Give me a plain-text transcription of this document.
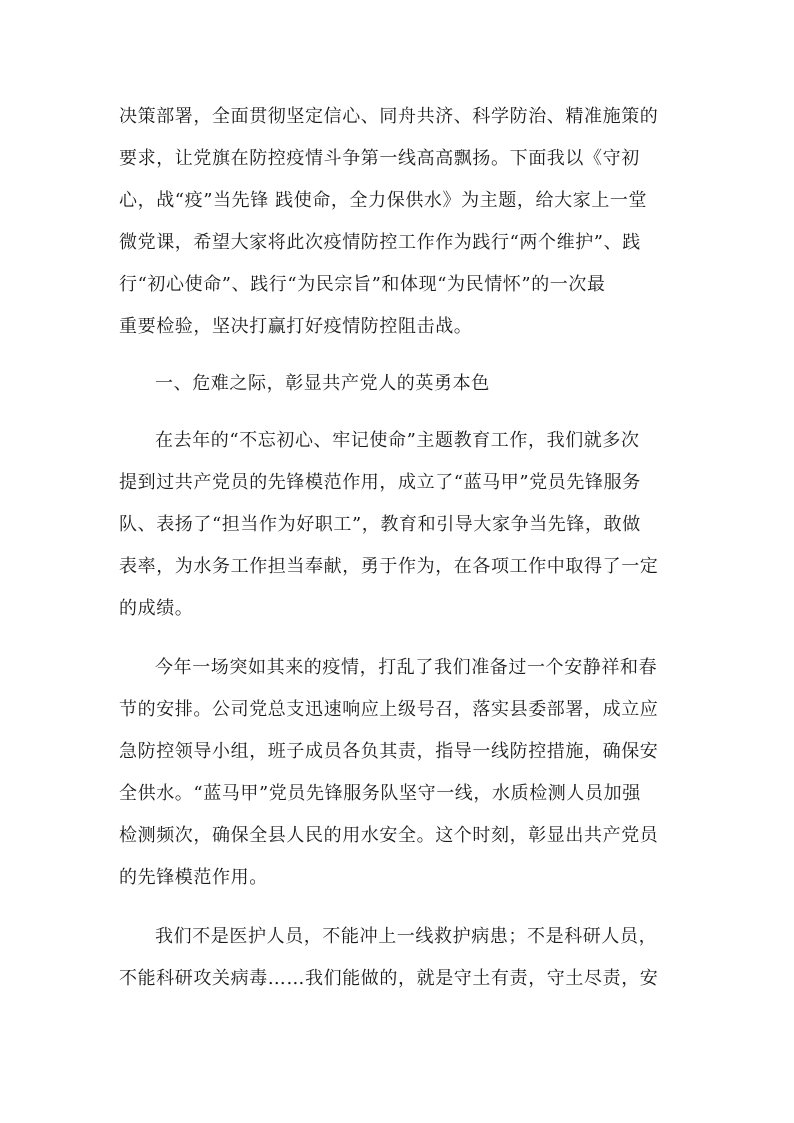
决策部署，全面贯彻坚定信心、同舟共济、科学防治、精准施策的

要求，让党旗在防控疫情斗争第一线高高飘扬。下面我以《守初

心，战“疫”当先锋 践使命，全力保供水》为主题，给大家上一堂

微党课，希望大家将此次疫情防控工作作为践行“两个维护”、践

行“初心使命”、践行“为民宗旨”和体现“为民情怀”的一次最

重要检验，坚决打赢打好疫情防控阻击战。

一、危难之际，彰显共产党人的英勇本色

在去年的“不忘初心、牢记使命”主题教育工作，我们就多次

提到过共产党员的先锋模范作用，成立了“蓝马甲”党员先锋服务

队、表扬了“担当作为好职工”，教育和引导大家争当先锋，敢做

表率，为水务工作担当奉献，勇于作为，在各项工作中取得了一定

的成绩。

今年一场突如其来的疫情，打乱了我们准备过一个安静祥和春

节的安排。公司党总支迅速响应上级号召，落实县委部署，成立应

急防控领导小组，班子成员各负其责，指导一线防控措施，确保安

全供水。“蓝马甲”党员先锋服务队坚守一线，水质检测人员加强

检测频次，确保全县人民的用水安全。这个时刻，彰显出共产党员

的先锋模范作用。

我们不是医护人员，不能冲上一线救护病患；不是科研人员，

不能科研攻关病毒……我们能做的，就是守土有责，守土尽责，安
